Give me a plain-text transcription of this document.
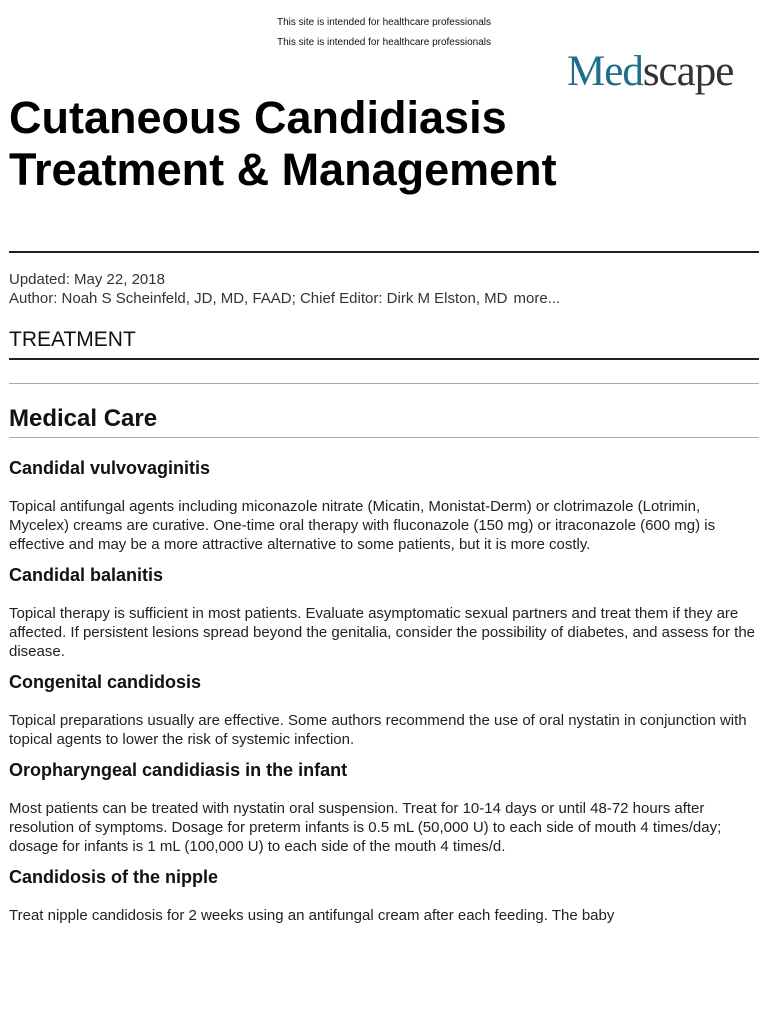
This site is intended for healthcare professionals
This site is intended for healthcare professionals
Medscape
Cutaneous Candidiasis Treatment & Management
Updated: May 22, 2018
Author: Noah S Scheinfeld, JD, MD, FAAD; Chief Editor: Dirk M Elston, MD more...
TREATMENT
Medical Care
Candidal vulvovaginitis

Topical antifungal agents including miconazole nitrate (Micatin, Monistat-Derm) or clotrimazole (Lotrimin, Mycelex) creams are curative. One-time oral therapy with fluconazole (150 mg) or itraconazole (600 mg) is effective and may be a more attractive alternative to some patients, but it is more costly.

Candidal balanitis

Topical therapy is sufficient in most patients. Evaluate asymptomatic sexual partners and treat them if they are affected. If persistent lesions spread beyond the genitalia, consider the possibility of diabetes, and assess for the disease.

Congenital candidosis

Topical preparations usually are effective. Some authors recommend the use of oral nystatin in conjunction with topical agents to lower the risk of systemic infection.

Oropharyngeal candidiasis in the infant

Most patients can be treated with nystatin oral suspension. Treat for 10-14 days or until 48-72 hours after resolution of symptoms. Dosage for preterm infants is 0.5 mL (50,000 U) to each side of mouth 4 times/day; dosage for infants is 1 mL (100,000 U) to each side of the mouth 4 times/d.

Candidosis of the nipple

Treat nipple candidosis for 2 weeks using an antifungal cream after each feeding. The baby
